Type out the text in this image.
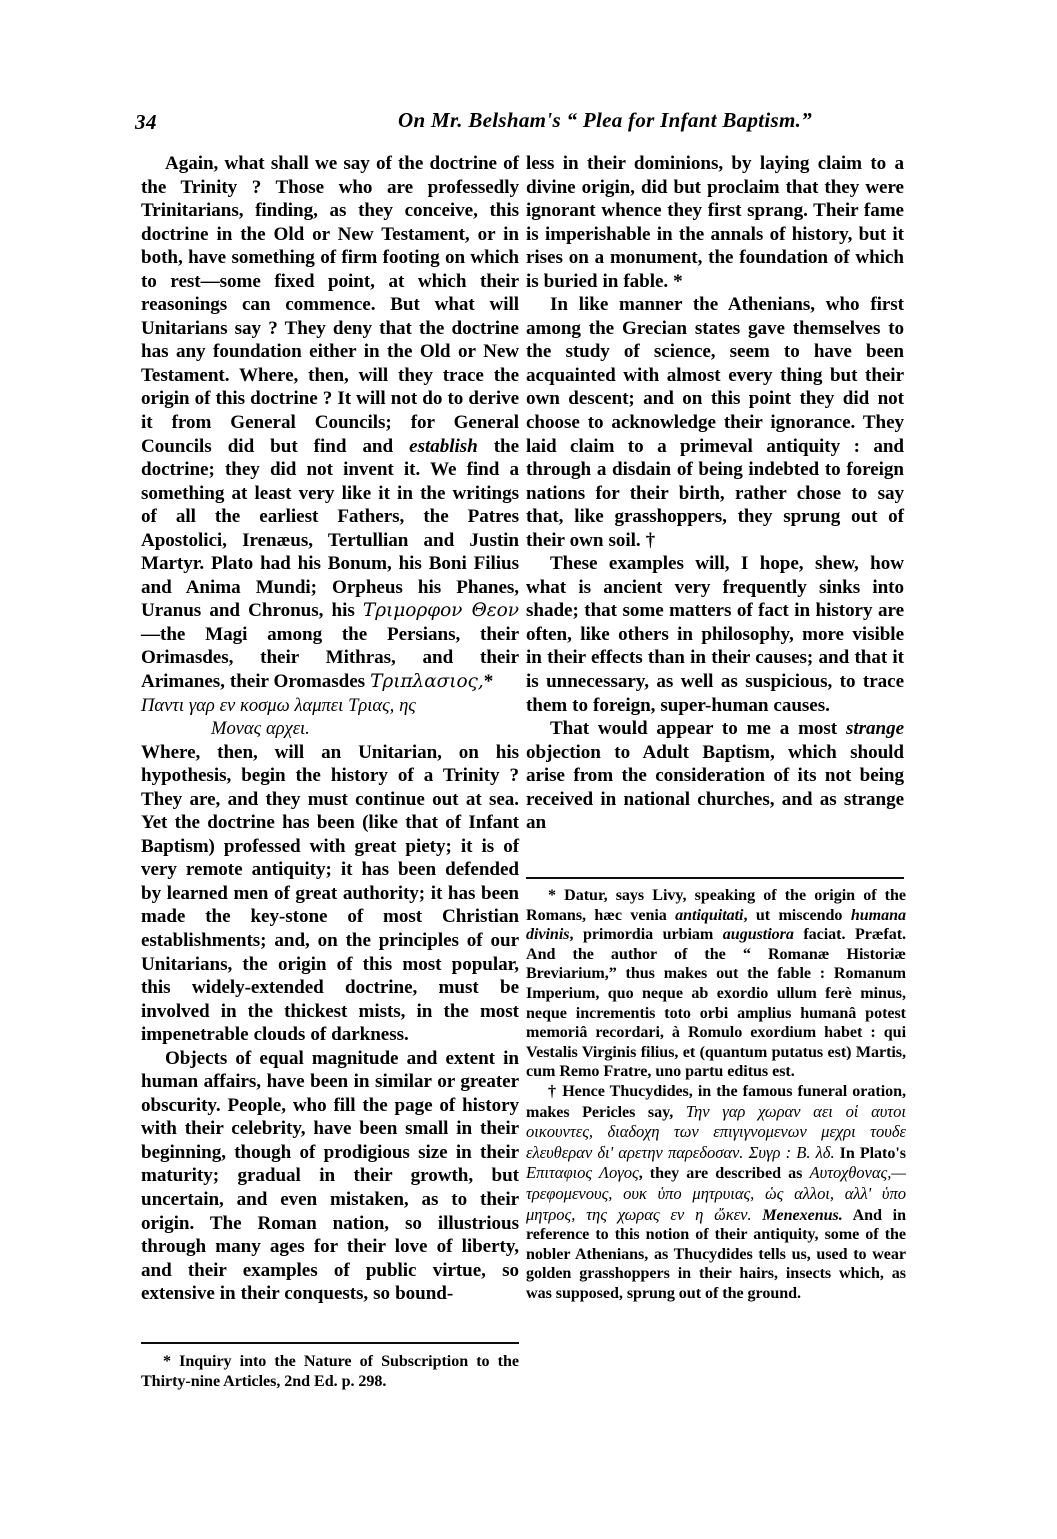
34	On Mr. Belsham's “ Plea for Infant Baptism.”

Again, what shall we say of the doctrine of the Trinity ? Those who are professedly Trinitarians, finding, as they conceive, this doctrine in the Old or New Testament, or in both, have something of firm footing on which to rest—some fixed point, at which their reasonings can commence. But what will Unitarians say ? They deny that the doctrine has any foundation either in the Old or New Testament. Where, then, will they trace the origin of this doctrine ? It will not do to derive it from General Councils; for General Councils did but find and establish the doctrine; they did not invent it. We find a something at least very like it in the writings of all the earliest Fathers, the Patres Apostolici, Irenæus, Tertullian and Justin Martyr. Plato had his Bonum, his Boni Filius and Anima Mundi; Orpheus his Phanes, Uranus and Chronus, his Τριμορφον Θεον—the Magi among the Persians, their Orimasdes, their Mithras, and their Arimanes, their Oromasdes Τριπλασιος,*

Παντι γαρ εν κοσμω λαμπει Τριας, ης
Μονας αρχει.

Where, then, will an Unitarian, on his hypothesis, begin the history of a Trinity ? They are, and they must continue out at sea. Yet the doctrine has been (like that of Infant Baptism) professed with great piety; it is of very remote antiquity; it has been defended by learned men of great authority; it has been made the key-stone of most Christian establishments; and, on the principles of our Unitarians, the origin of this most popular, this widely-extended doctrine, must be involved in the thickest mists, in the most impenetrable clouds of darkness.

Objects of equal magnitude and extent in human affairs, have been in similar or greater obscurity. People, who fill the page of history with their celebrity, have been small in their beginning, though of prodigious size in their maturity; gradual in their growth, but uncertain, and even mistaken, as to their origin. The Roman nation, so illustrious through many ages for their love of liberty, and their examples of public virtue, so extensive in their conquests, so bound-

less in their dominions, by laying claim to a divine origin, did but proclaim that they were ignorant whence they first sprang. Their fame is imperishable in the annals of history, but it rises on a monument, the foundation of which is buried in fable. *

In like manner the Athenians, who first among the Grecian states gave themselves to the study of science, seem to have been acquainted with almost every thing but their own descent; and on this point they did not choose to acknowledge their ignorance. They laid claim to a primeval antiquity : and through a disdain of being indebted to foreign nations for their birth, rather chose to say that, like grasshoppers, they sprung out of their own soil. †

These examples will, I hope, shew, how what is ancient very frequently sinks into shade; that some matters of fact in history are often, like others in philosophy, more visible in their effects than in their causes; and that it is unnecessary, as well as suspicious, to trace them to foreign, super-human causes.

That would appear to me a most strange objection to Adult Baptism, which should arise from the consideration of its not being received in national churches, and as strange an

* Inquiry into the Nature of Subscription to the Thirty-nine Articles, 2nd Ed. p. 298.

* Datur, says Livy, speaking of the origin of the Romans, hæc venia antiquitati, ut miscendo humana divinis, primordia urbiam augustiora faciat. Præfat. And the author of the “ Romanæ Historiæ Breviarium,” thus makes out the fable : Romanum Imperium, quo neque ab exordio ullum ferè minus, neque incrementis toto orbi amplius humanâ potest memoriâ recordari, à Romulo exordium habet : qui Vestalis Virginis filius, et (quantum putatus est) Martis, cum Remo Fratre, uno partu editus est.

† Hence Thucydides, in the famous funeral oration, makes Pericles say, Την γαρ χωραν αει οἱ αυτοι οικουντες, διαδοχη των επιγιγνομενων μεχρι τουδε ελευθεραν δι' αρετην παρεδοσαν. Συγρ : B. λδ. In Plato's Επιταφιος Λογος, they are described as Αυτοχθονας,—τρεφομενους, ουκ ὑπο μητρυιας, ὡς αλλοι, αλλ' ὑπο μητρος, της χωρας εν η ὤκεν. Menexenus. And in reference to this notion of their antiquity, some of the nobler Athenians, as Thucydides tells us, used to wear golden grasshoppers in their hairs, insects which, as was supposed, sprung out of the ground.
